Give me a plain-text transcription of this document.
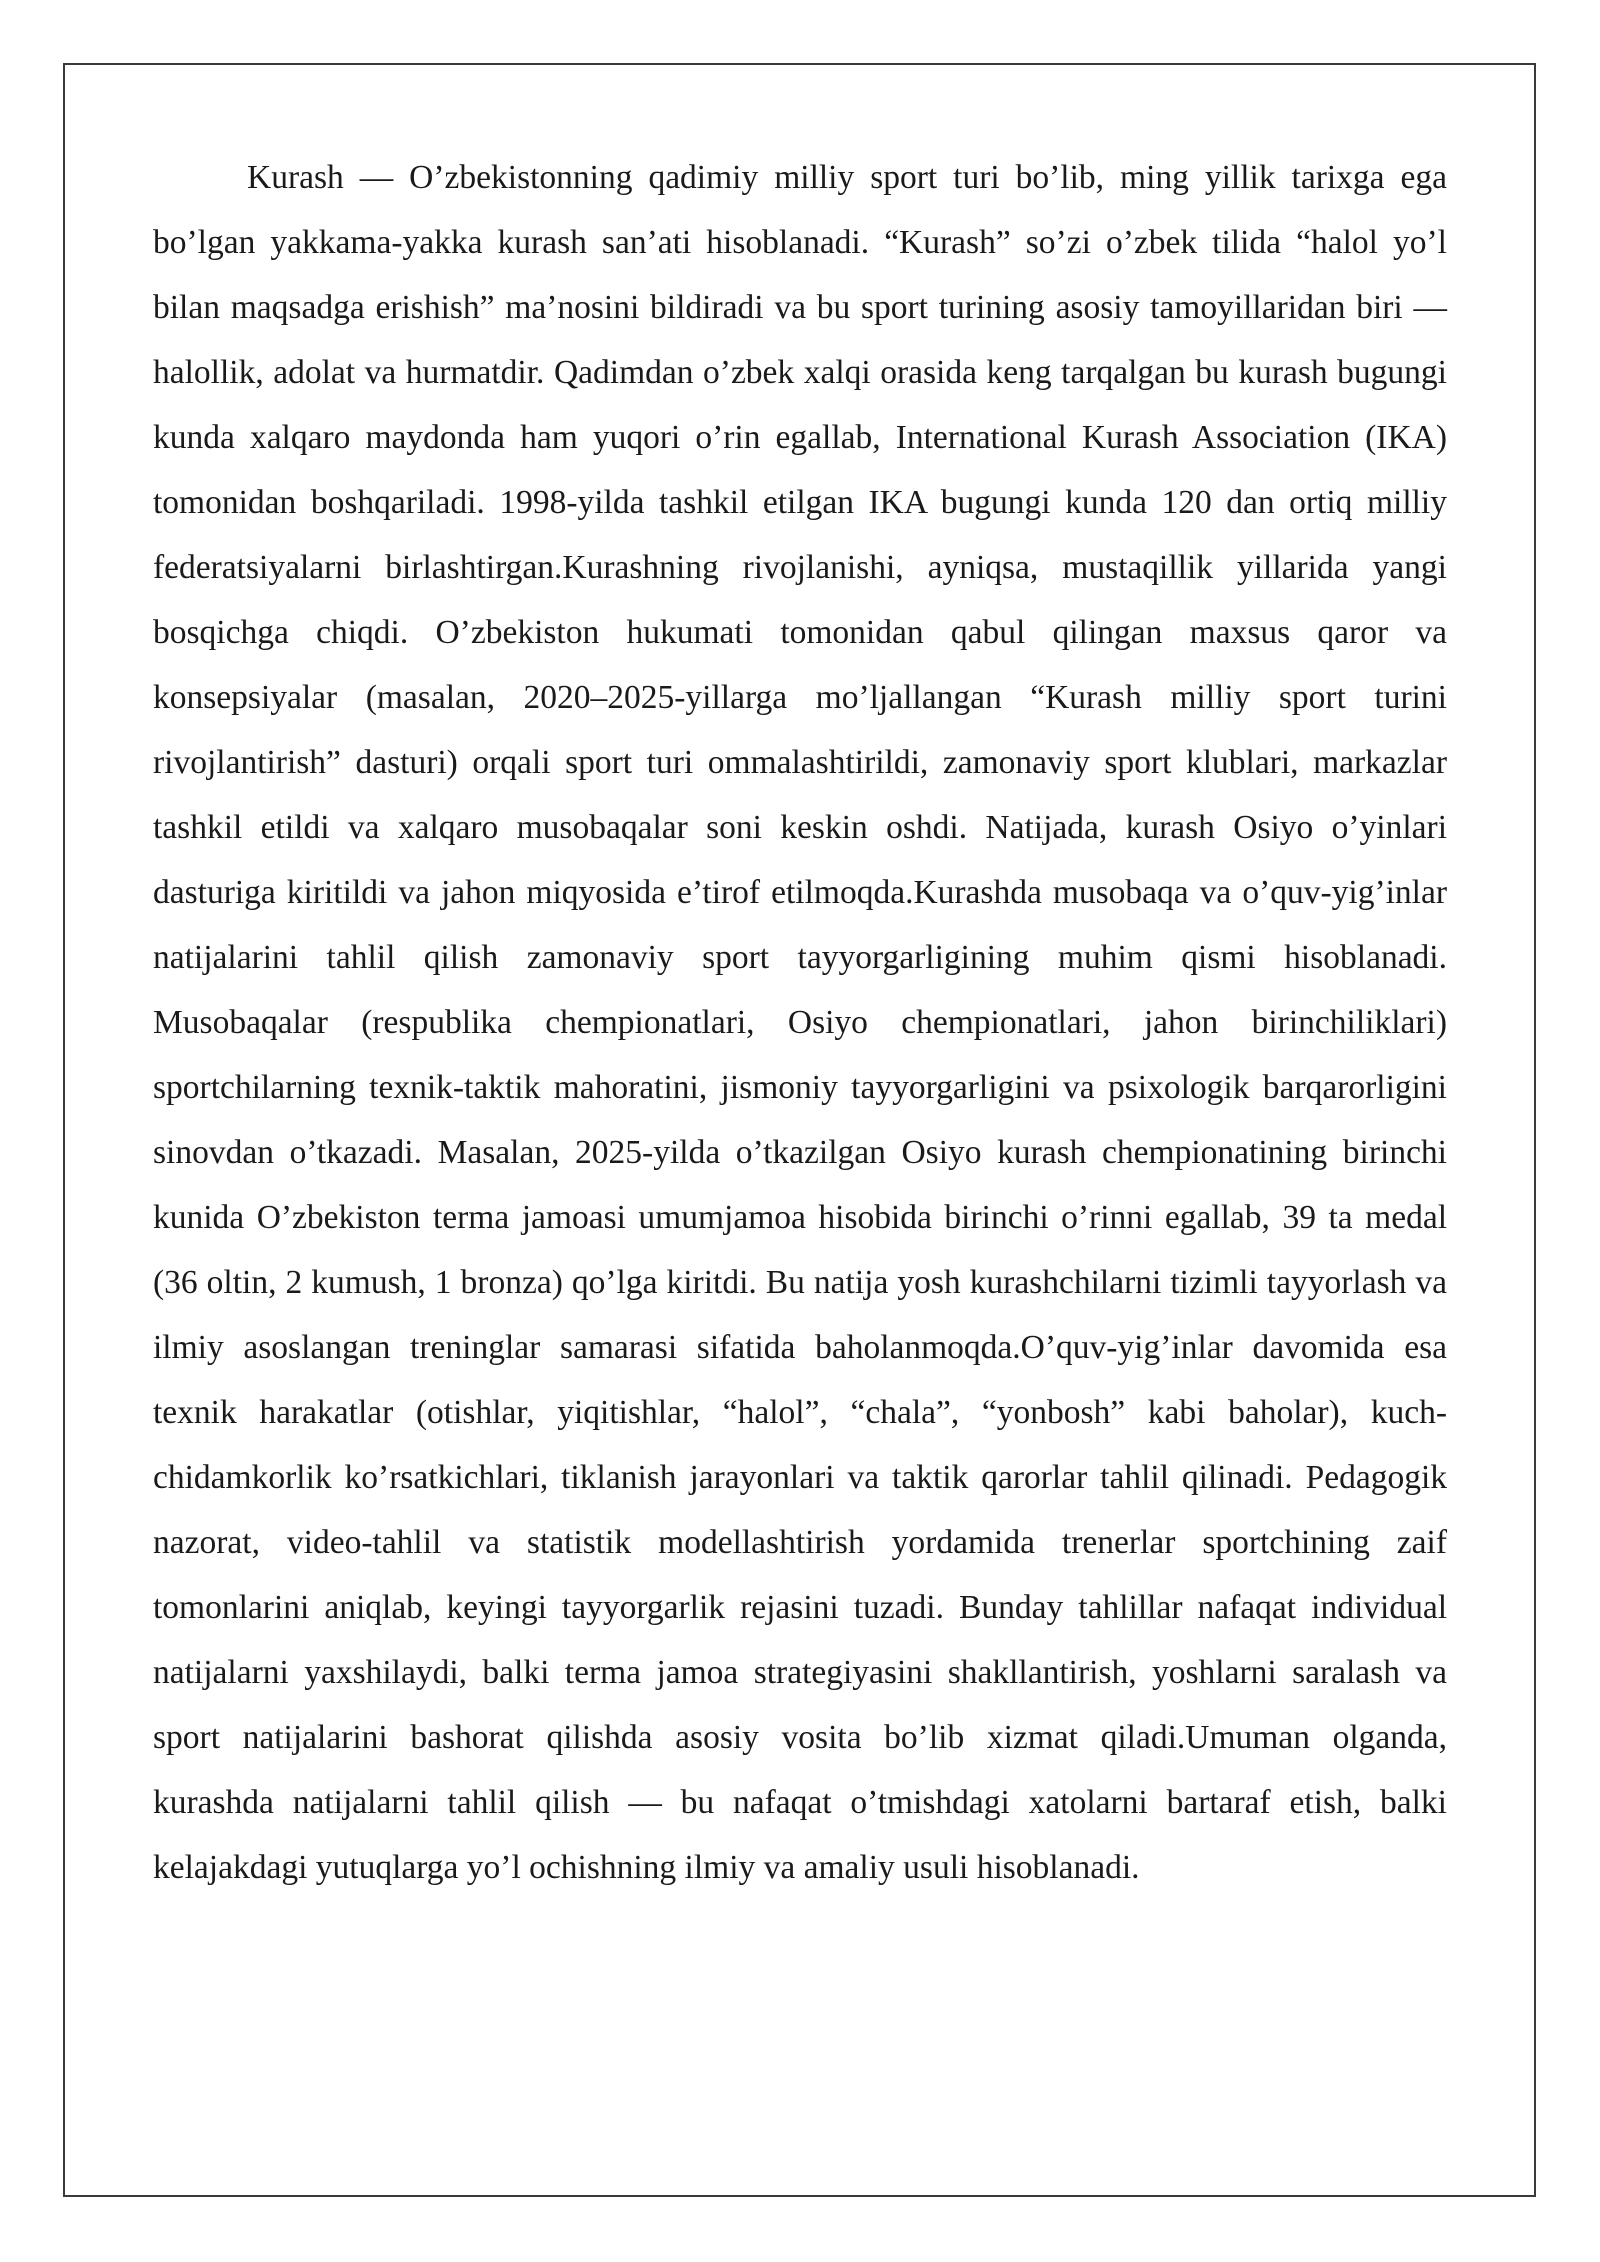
Kurash — O’zbekistonning qadimiy milliy sport turi bo’lib, ming yillik tarixga ega bo’lgan yakkama-yakka kurash san’ati hisoblanadi. “Kurash” so’zi o’zbek tilida “halol yo’l bilan maqsadga erishish” ma’nosini bildiradi va bu sport turining asosiy tamoyillaridan biri — halollik, adolat va hurmatdir. Qadimdan o’zbek xalqi orasida keng tarqalgan bu kurash bugungi kunda xalqaro maydonda ham yuqori o’rin egallab, International Kurash Association (IKA) tomonidan boshqariladi. 1998-yilda tashkil etilgan IKA bugungi kunda 120 dan ortiq milliy federatsiyalarni birlashtirgan.Kurashning rivojlanishi, ayniqsa, mustaqillik yillarida yangi bosqichga chiqdi. O’zbekiston hukumati tomonidan qabul qilingan maxsus qaror va konsepsiyalar (masalan, 2020–2025-yillarga mo’ljallangan “Kurash milliy sport turini rivojlantirish” dasturi) orqali sport turi ommalashtirildi, zamonaviy sport klublari, markazlar tashkil etildi va xalqaro musobaqalar soni keskin oshdi. Natijada, kurash Osiyo o’yinlari dasturiga kiritildi va jahon miqyosida e’tirof etilmoqda.Kurashda musobaqa va o’quv-yig’inlar natijalarini tahlil qilish zamonaviy sport tayyorgarligining muhim qismi hisoblanadi. Musobaqalar (respublika chempionatlari, Osiyo chempionatlari, jahon birinchiliklari) sportchilarning texnik-taktik mahoratini, jismoniy tayyorgarligini va psixologik barqarorligini sinovdan o’tkazadi. Masalan, 2025-yilda o’tkazilgan Osiyo kurash chempionatining birinchi kunida O’zbekiston terma jamoasi umumjamoa hisobida birinchi o’rinni egallab, 39 ta medal (36 oltin, 2 kumush, 1 bronza) qo’lga kiritdi. Bu natija yosh kurashchilarni tizimli tayyorlash va ilmiy asoslangan treninglar samarasi sifatida baholanmoqda.O’quv-yig’inlar davomida esa texnik harakatlar (otishlar, yiqitishlar, “halol”, “chala”, “yonbosh” kabi baholar), kuch-chidamkorlik ko’rsatkichlari, tiklanish jarayonlari va taktik qarorlar tahlil qilinadi. Pedagogik nazorat, video-tahlil va statistik modellashtirish yordamida trenerlar sportchining zaif tomonlarini aniqlab, keyingi tayyorgarlik rejasini tuzadi. Bunday tahlillar nafaqat individual natijalarni yaxshilaydi, balki terma jamoa strategiyasini shakllantirish, yoshlarni saralash va sport natijalarini bashorat qilishda asosiy vosita bo’lib xizmat qiladi.Umuman olganda, kurashda natijalarni tahlil qilish — bu nafaqat o’tmishdagi xatolarni bartaraf etish, balki kelajakdagi yutuqlarga yo’l ochishning ilmiy va amaliy usuli hisoblanadi.
